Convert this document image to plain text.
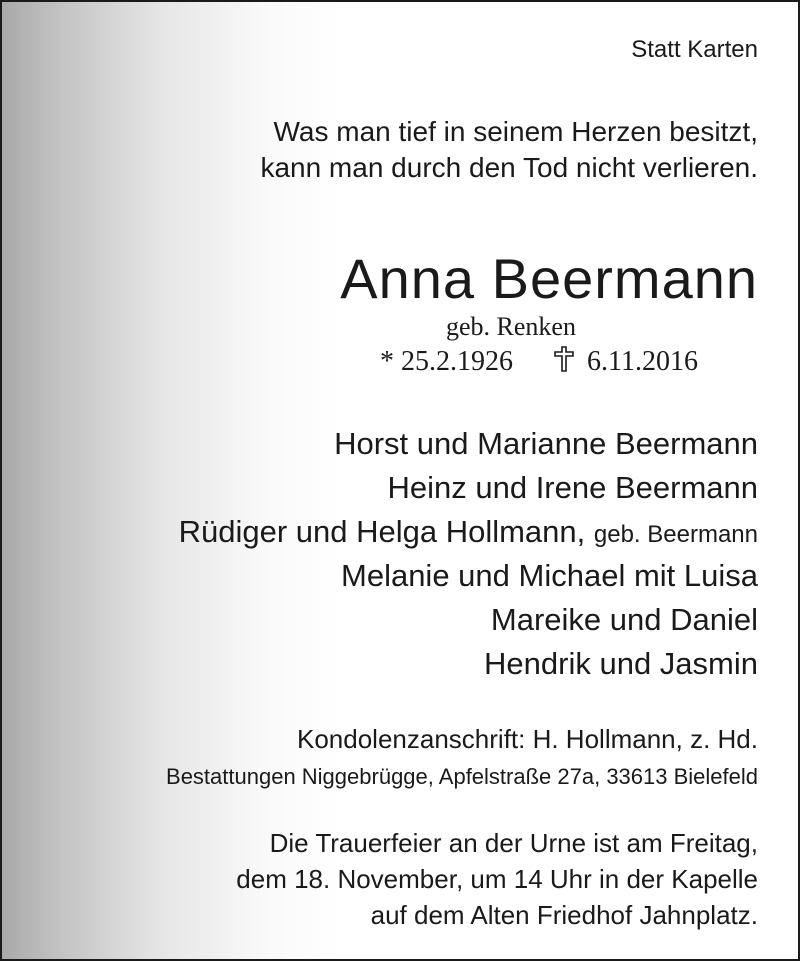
Statt Karten
Was man tief in seinem Herzen besitzt,
kann man durch den Tod nicht verlieren.
Anna Beermann
geb. Renken
* 25.2.1926	6.11.2016
Horst und Marianne Beermann
Heinz und Irene Beermann
Rüdiger und Helga Hollmann, geb. Beermann
Melanie und Michael mit Luisa
Mareike und Daniel
Hendrik und Jasmin
Kondolenzanschrift: H. Hollmann, z. Hd.
Bestattungen Niggebrügge, Apfelstraße 27a, 33613 Bielefeld
Die Trauerfeier an der Urne ist am Freitag,
dem 18. November, um 14 Uhr in der Kapelle
auf dem Alten Friedhof Jahnplatz.
